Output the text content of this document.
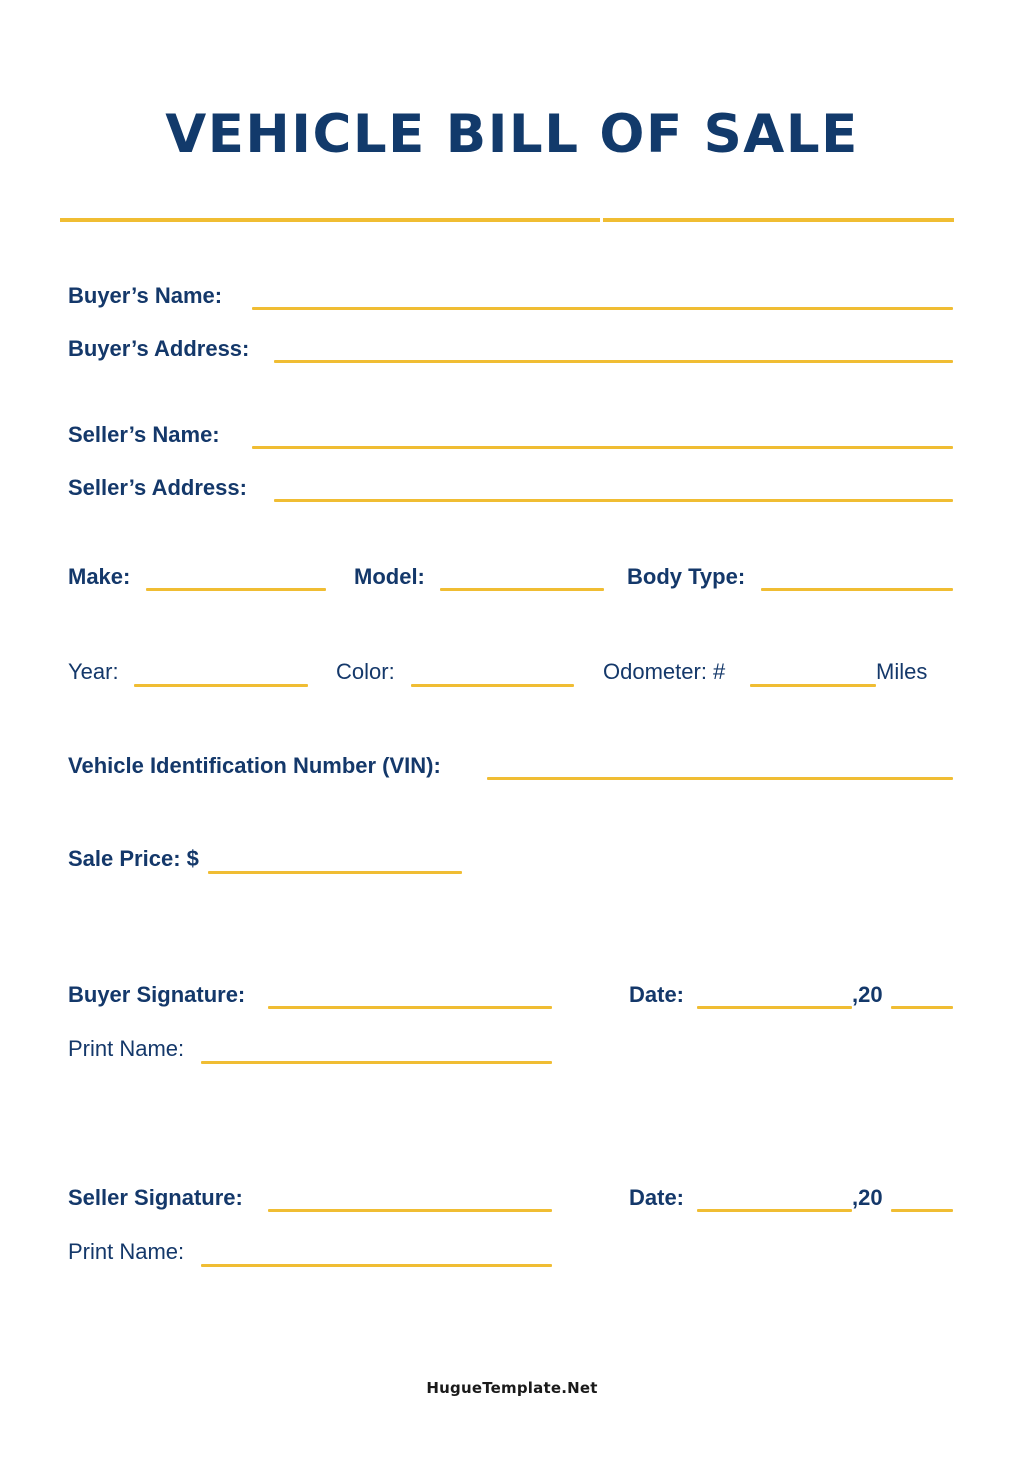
VEHICLE BILL OF SALE
Buyer’s Name:
Buyer’s Address:
Seller’s Name:
Seller’s Address:
Make:	Model:	Body Type:
Year:	Color:	Odometer: #	Miles
Vehicle Identification Number (VIN):
Sale Price: $
Buyer Signature:	Date:	,20
Print Name:
Seller Signature:	Date:	,20
Print Name:
HugueTemplate.Net
